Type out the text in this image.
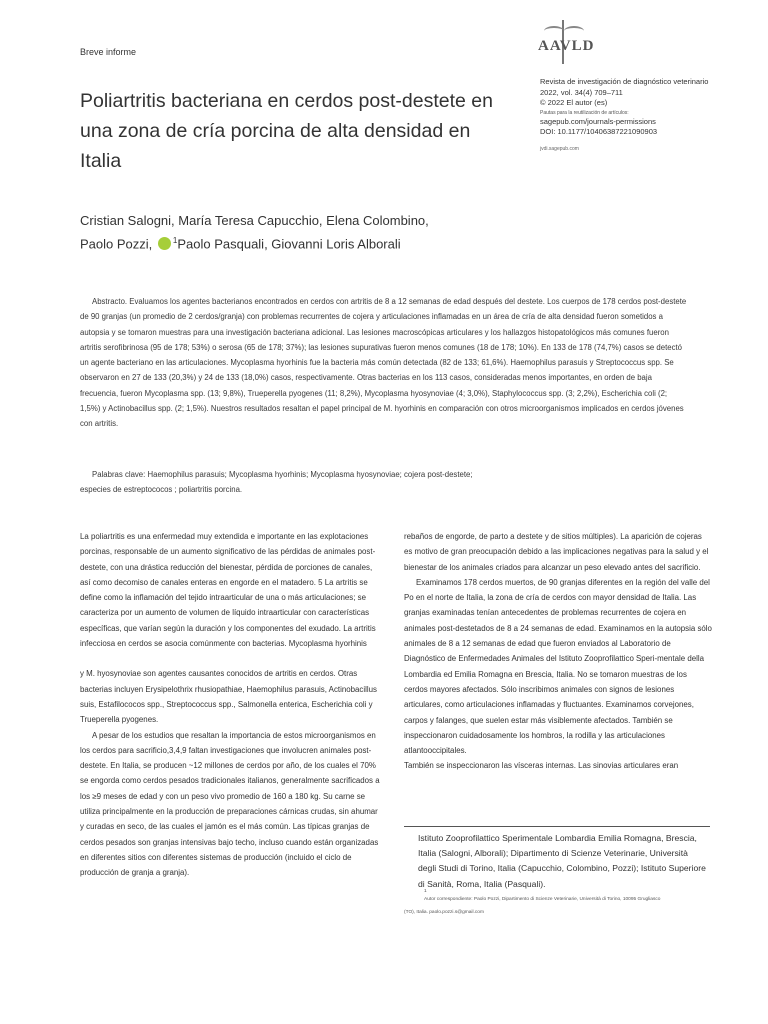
Breve informe	AAVLD
Revista de investigación de diagnóstico veterinario
2022, vol. 34(4) 709–711
© 2022 El autor (es)
Pautas para la reutilización de artículos:
sagepub.com/journals-permissions
DOI: 10.1177/10406387221090903
jvdi.sagepub.com
Poliartritis bacteriana en cerdos post-destete en una zona de cría porcina de alta densidad en Italia
Cristian Salogni, María Teresa Capucchio, Elena Colombino,
Paolo Pozzi,	$^1$Paolo Pasquali, Giovanni Loris Alborali

Abstracto. Evaluamos los agentes bacterianos encontrados en cerdos con artritis de 8 a 12 semanas de edad después del destete. Los cuerpos de 178 cerdos post-destete de 90 granjas (un promedio de 2 cerdos/granja) con problemas recurrentes de cojera y articulaciones inflamadas en un área de cría de alta densidad fueron sometidos a autopsia y se tomaron muestras para una investigación bacteriana adicional. Las lesiones macroscópicas articulares y los hallazgos histopatológicos más comunes fueron artritis serofibrinosa (95 de 178; 53%) o serosa (65 de 178; 37%); las lesiones supurativas fueron menos comunes (18 de 178; 10%). En 133 de 178 (74,7%) casos se detectó un agente bacteriano en las articulaciones. Mycoplasma hyorhinis fue la bacteria más común detectada (82 de 133; 61,6%). Haemophilus parasuis y Streptococcus spp. Se observaron en 27 de 133 (20,3%) y 24 de 133 (18,0%) casos, respectivamente. Otras bacterias en los 113 casos, consideradas menos importantes, en orden de baja frecuencia, fueron Mycoplasma spp. (13; 9,8%), Trueperella pyogenes (11; 8,2%), Mycoplasma hyosynoviae (4; 3,0%), Staphylococcus spp. (3; 2,2%), Escherichia coli (2; 1,5%) y Actinobacillus spp. (2; 1,5%). Nuestros resultados resaltan el papel principal de M. hyorhinis en comparación con otros microorganismos implicados en cerdos jóvenes con artritis.

Palabras clave: Haemophilus parasuis; Mycoplasma hyorhinis; Mycoplasma hyosynoviae; cojera post-destete;
especies de estreptococos ; poliartritis porcina.

La poliartritis es una enfermedad muy extendida e importante en las explotaciones porcinas, responsable de un aumento significativo de las pérdidas de animales post-destete, con una drástica reducción del bienestar, pérdida de porciones de canales, así como decomiso de canales enteras en engorde en el matadero. 5 La artritis se define como la inflamación del tejido intraarticular de una o más articulaciones; se caracteriza por un aumento de volumen de líquido intraarticular con características específicas, que varían según la duración y los componentes del exudado. La artritis infecciosa en cerdos se asocia comúnmente con bacterias. Mycoplasma hyorhinis

y M. hyosynoviae son agentes causantes conocidos de artritis en cerdos. Otras bacterias incluyen Erysipelothrix rhusiopathiae, Haemophilus parasuis, Actinobacillus suis, Estafilococos spp., Streptococcus spp., Salmonella enterica, Escherichia coli y Trueperella pyogenes.

A pesar de los estudios que resaltan la importancia de estos microorganismos en los cerdos para sacrificio,3,4,9 faltan investigaciones que involucren animales post-destete. En Italia, se producen ~12 millones de cerdos por año, de los cuales el 70% se engorda como cerdos pesados tradicionales italianos, generalmente sacrificados a los ≥9 meses de edad y con un peso vivo promedio de 160 a 180 kg. Su carne se utiliza principalmente en la producción de preparaciones cárnicas crudas, sin ahumar y curadas en seco, de las cuales el jamón es el más común. Las típicas granjas de cerdos pesados son granjas intensivas bajo techo, incluso cuando están organizadas en diferentes sitios con diferentes sistemas de producción (incluido el ciclo de producción de granja a granja).

rebaños de engorde, de parto a destete y de sitios múltiples). La aparición de cojeras es motivo de gran preocupación debido a las implicaciones negativas para la salud y el bienestar de los animales criados para alcanzar un peso elevado antes del sacrificio.

Examinamos 178 cerdos muertos, de 90 granjas diferentes en la región del valle del Po en el norte de Italia, la zona de cría de cerdos con mayor densidad de Italia. Las granjas examinadas tenían antecedentes de problemas recurrentes de cojera en animales post-destetados de 8 a 24 semanas de edad. Examinamos en la autopsia sólo animales de 8 a 12 semanas de edad que fueron enviados al Laboratorio de Diagnóstico de Enfermedades Animales del Istituto Zooprofilattico Speri-mentale della Lombardia ed Emilia Romagna en Brescia, Italia. No se tomaron muestras de los cerdos mayores afectados. Sólo inscribimos animales con signos de lesiones articulares, como articulaciones inflamadas y fluctuantes. Examinamos corvejones, carpos y falanges, que suelen estar más visiblemente afectados. También se inspeccionaron cuidadosamente los hombros, la rodilla y las articulaciones atlantooccipitales.

También se inspeccionaron las vísceras internas. Las sinovias articulares eran

Istituto Zooprofilattico Sperimentale Lombardia Emilia Romagna, Brescia, Italia (Salogni, Alborali); Dipartimento di Scienze Veterinarie, Università degli Studi di Torino, Italia (Capucchio, Colombino, Pozzi); Istituto Superiore di Sanità, Roma, Italia (Pasquali).
1
Autor correspondiente: Paolo Pozzi, Dipartimento di Scienze Veterinarie, Università di Torino, 10095 Grugliasco
(TO), Italia. paolo.pozzi.s@gmail.com
